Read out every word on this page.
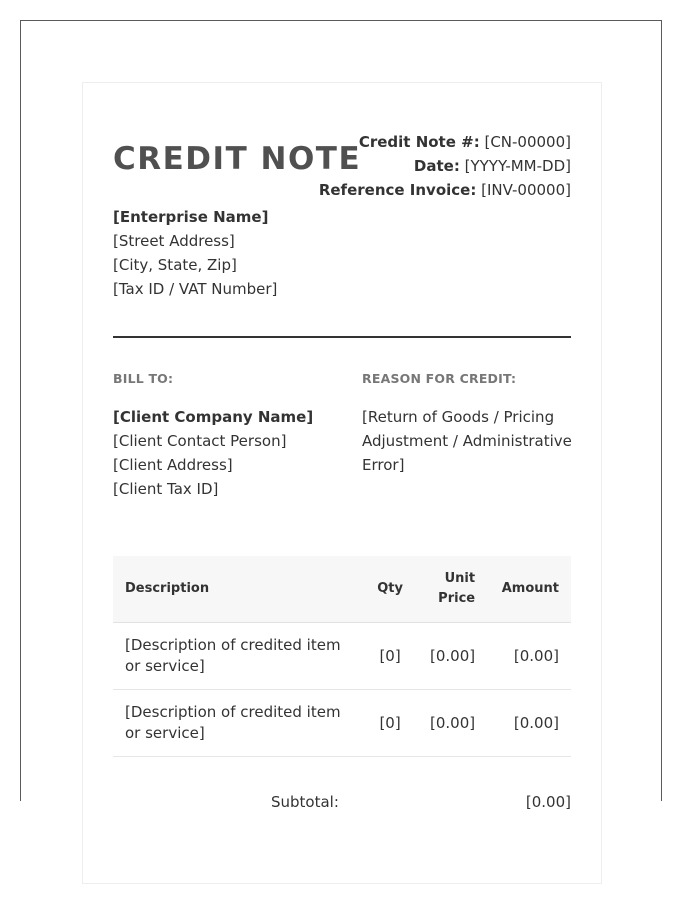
CREDIT NOTE
Credit Note #: [CN-00000]
Date: [YYYY-MM-DD]
Reference Invoice: [INV-00000]
[Enterprise Name]
[Street Address]
[City, State, Zip]
[Tax ID / VAT Number]
BILL TO:	REASON FOR CREDIT:
[Client Company Name]
[Client Contact Person]
[Client Address]
[Client Tax ID]
[Return of Goods / Pricing Adjustment / Administrative Error]
Description	Qty	Unit Price	Amount
[Description of credited item or service]	[0]	[0.00]	[0.00]
[Description of credited item or service]	[0]	[0.00]	[0.00]
Subtotal:	[0.00]
